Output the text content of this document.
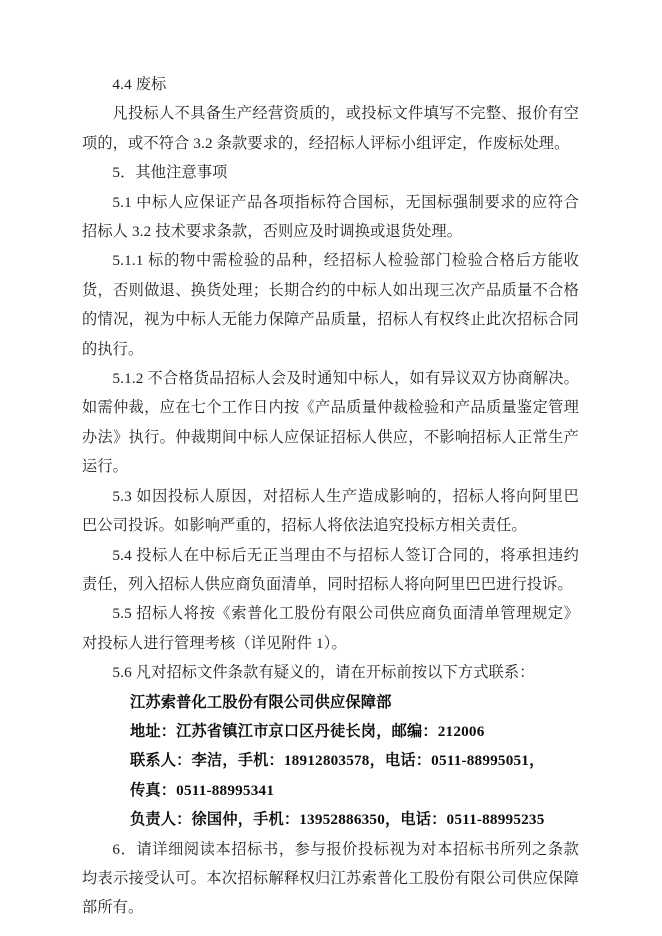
4.4 废标

凡投标人不具备生产经营资质的，或投标文件填写不完整、报价有空项的，或不符合 3.2 条款要求的，经招标人评标小组评定，作废标处理。

5．其他注意事项

5.1 中标人应保证产品各项指标符合国标，无国标强制要求的应符合招标人 3.2 技术要求条款，否则应及时调换或退货处理。

5.1.1 标的物中需检验的品种，经招标人检验部门检验合格后方能收货，否则做退、换货处理；长期合约的中标人如出现三次产品质量不合格的情况，视为中标人无能力保障产品质量，招标人有权终止此次招标合同的执行。

5.1.2 不合格货品招标人会及时通知中标人，如有异议双方协商解决。如需仲裁，应在七个工作日内按《产品质量仲裁检验和产品质量鉴定管理办法》执行。仲裁期间中标人应保证招标人供应，不影响招标人正常生产运行。

5.3 如因投标人原因，对招标人生产造成影响的，招标人将向阿里巴巴公司投诉。如影响严重的，招标人将依法追究投标方相关责任。

5.4 投标人在中标后无正当理由不与招标人签订合同的，将承担违约责任，列入招标人供应商负面清单，同时招标人将向阿里巴巴进行投诉。

5.5 招标人将按《索普化工股份有限公司供应商负面清单管理规定》对投标人进行管理考核（详见附件 1）。

5.6 凡对招标文件条款有疑义的，请在开标前按以下方式联系：

江苏索普化工股份有限公司供应保障部

地址：江苏省镇江市京口区丹徒长岗，邮编：212006

联系人：李洁，手机：18912803578，电话：0511-88995051，

传真：0511-88995341

负责人：徐国仲，手机：13952886350，电话：0511-88995235

6．请详细阅读本招标书，参与报价投标视为对本招标书所列之条款均表示接受认可。本次招标解释权归江苏索普化工股份有限公司供应保障部所有。
